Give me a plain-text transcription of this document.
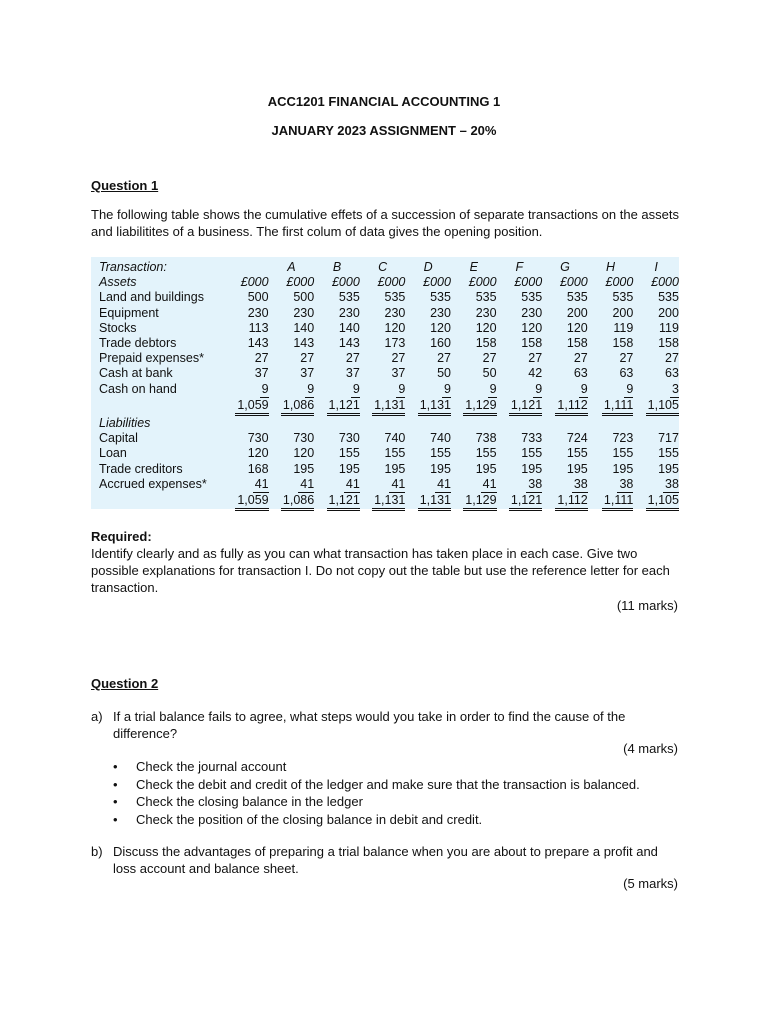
ACC1201 FINANCIAL ACCOUNTING 1
JANUARY 2023 ASSIGNMENT – 20%
Question 1
The following table shows the cumulative effets of a succession of separate transactions on the assets and liabilitites of a business. The first colum of data gives the opening position.
Transaction:		A	B	C	D	E	F	G	H	I
Assets	£000	£000	£000	£000	£000	£000	£000	£000	£000	£000
Land and buildings	500	500	535	535	535	535	535	535	535	535
Equipment	230	230	230	230	230	230	230	200	200	200
Stocks	113	140	140	120	120	120	120	120	119	119
Trade debtors	143	143	143	173	160	158	158	158	158	158
Prepaid expenses*	27	27	27	27	27	27	27	27	27	27
Cash at bank	37	37	37	37	50	50	42	63	63	63
Cash on hand	9	9	9	9	9	9	9	9	9	3
	1,059	1,086	1,121	1,131	1,131	1,129	1,121	1,112	1,111	1,105
Liabilities										
Capital	730	730	730	740	740	738	733	724	723	717
Loan	120	120	155	155	155	155	155	155	155	155
Trade creditors	168	195	195	195	195	195	195	195	195	195
Accrued expenses*	41	41	41	41	41	41	38	38	38	38
	1,059	1,086	1,121	1,131	1,131	1,129	1,121	1,112	1,111	1,105
Required:
Identify clearly and as fully as you can what transaction has taken place in each case. Give two possible explanations for transaction I. Do not copy out the table but use the reference letter for each transaction.
(11 marks)
Question 2
a) If a trial balance fails to agree, what steps would you take in order to find the cause of the difference?
(4 marks)
• Check the journal account
• Check the debit and credit of the ledger and make sure that the transaction is balanced.
• Check the closing balance in the ledger
• Check the position of the closing balance in debit and credit.
b) Discuss the advantages of preparing a trial balance when you are about to prepare a profit and loss account and balance sheet.
(5 marks)
